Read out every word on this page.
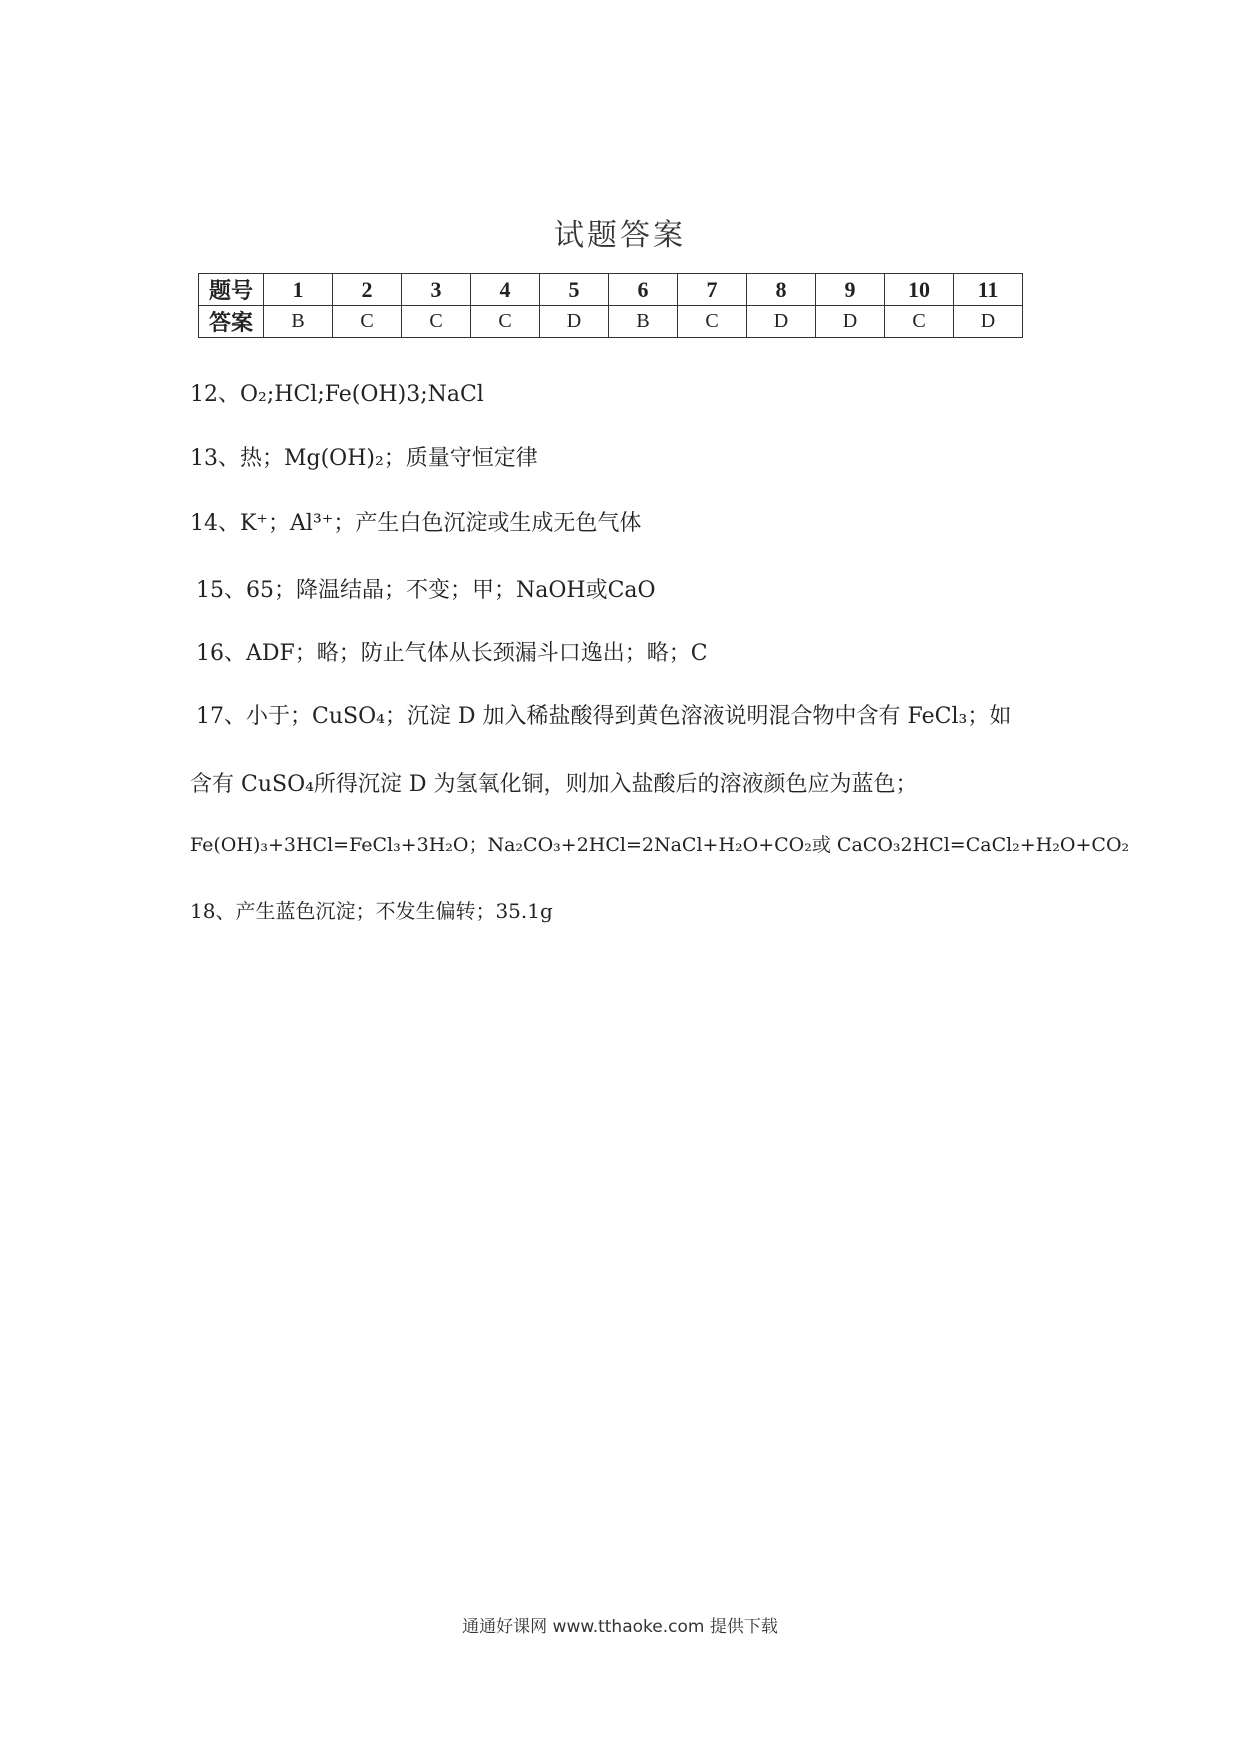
试题答案
题号	1	2	3	4	5	6	7	8	9	10	11
答案	B	C	C	C	D	B	C	D	D	C	D
12、O₂;HCl;Fe(OH)3;NaCl
13、热；Mg(OH)₂；质量守恒定律
14、K⁺；Al³⁺；产生白色沉淀或生成无色气体
15、65；降温结晶；不变；甲；NaOH或CaO
16、ADF；略；防止气体从长颈漏斗口逸出；略；C
17、小于；CuSO₄；沉淀 D 加入稀盐酸得到黄色溶液说明混合物中含有 FeCl₃；如
含有 CuSO₄所得沉淀 D 为氢氧化铜，则加入盐酸后的溶液颜色应为蓝色；
Fe(OH)₃+3HCl=FeCl₃+3H₂O；Na₂CO₃+2HCl=2NaCl+H₂O+CO₂或 CaCO₃2HCl=CaCl₂+H₂O+CO₂
18、产生蓝色沉淀；不发生偏转；35.1g
通通好课网 www.tthaoke.com 提供下载
